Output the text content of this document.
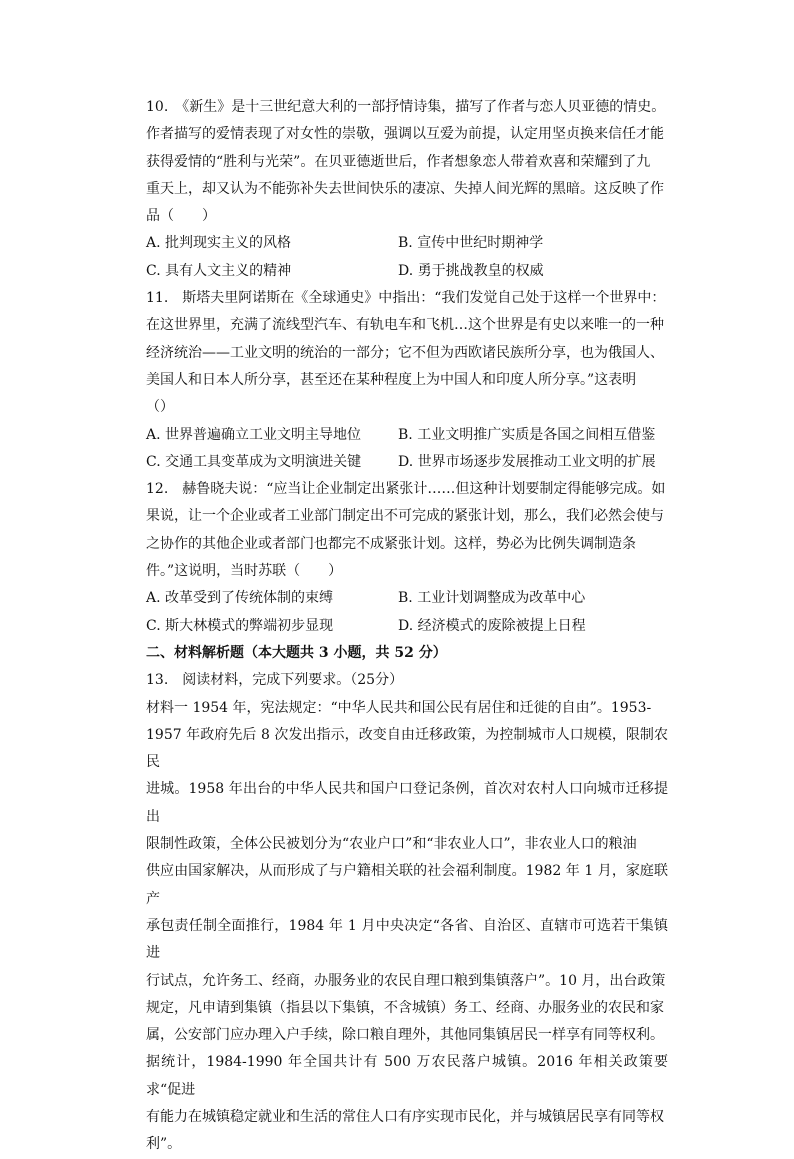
10.　《新生》是十三世纪意大利的一部抒情诗集，描写了作者与恋人贝亚德的情史。

作者描写的爱情表现了对女性的崇敬，强调以互爱为前提，认定用坚贞换来信任才能

获得爱情的“胜利与光荣”。在贝亚德逝世后，作者想象恋人带着欢喜和荣耀到了九

重天上，却又认为不能弥补失去世间快乐的凄凉、失掉人间光辉的黑暗。这反映了作

品（　　）

A. 批判现实主义的风格	B. 宣传中世纪时期神学
C. 具有人文主义的精神	D. 勇于挑战教皇的权威

11.　斯塔夫里阿诺斯在《全球通史》中指出：“我们发觉自己处于这样一个世界中：

在这世界里，充满了流线型汽车、有轨电车和飞机…这个世界是有史以来唯一的一种

经济统治——工业文明的统治的一部分；它不但为西欧诸民族所分享，也为俄国人、

美国人和日本人所分享，甚至还在某种程度上为中国人和印度人所分享。”这表明

（）

A. 世界普遍确立工业文明主导地位	B. 工业文明推广实质是各国之间相互借鉴
C. 交通工具变革成为文明演进关键	D. 世界市场逐步发展推动工业文明的扩展

12.　赫鲁晓夫说：“应当让企业制定出紧张计……但这种计划要制定得能够完成。如

果说，让一个企业或者工业部门制定出不可完成的紧张计划，那么，我们必然会使与

之协作的其他企业或者部门也都完不成紧张计划。这样，势必为比例失调制造条

件。”这说明，当时苏联（　　）

A. 改革受到了传统体制的束缚	B. 工业计划调整成为改革中心
C. 斯大林模式的弊端初步显现	D. 经济模式的废除被提上日程

二、材料解析题（本大题共 3 小题，共 52 分）

13.　阅读材料，完成下列要求。（25分）

材料一 1954 年，宪法规定：“中华人民共和国公民有居住和迁徙的自由”。1953-

1957 年政府先后 8 次发出指示，改变自由迁移政策，为控制城市人口规模，限制农民

进城。1958 年出台的中华人民共和国户口登记条例，首次对农村人口向城市迁移提出

限制性政策，全体公民被划分为“农业户口”和“非农业人口”，非农业人口的粮油

供应由国家解决，从而形成了与户籍相关联的社会福利制度。1982 年 1 月，家庭联产

承包责任制全面推行，1984 年 1 月中央决定“各省、自治区、直辖市可选若干集镇进

行试点，允许务工、经商，办服务业的农民自理口粮到集镇落户”。10 月，出台政策

规定，凡申请到集镇（指县以下集镇，不含城镇）务工、经商、办服务业的农民和家

属，公安部门应办理入户手续，除口粮自理外，其他同集镇居民一样享有同等权利。

据统计，1984-1990 年全国共计有 500 万农民落户城镇。2016 年相关政策要求“促进

有能力在城镇稳定就业和生活的常住人口有序实现市民化，并与城镇居民享有同等权

利”。
